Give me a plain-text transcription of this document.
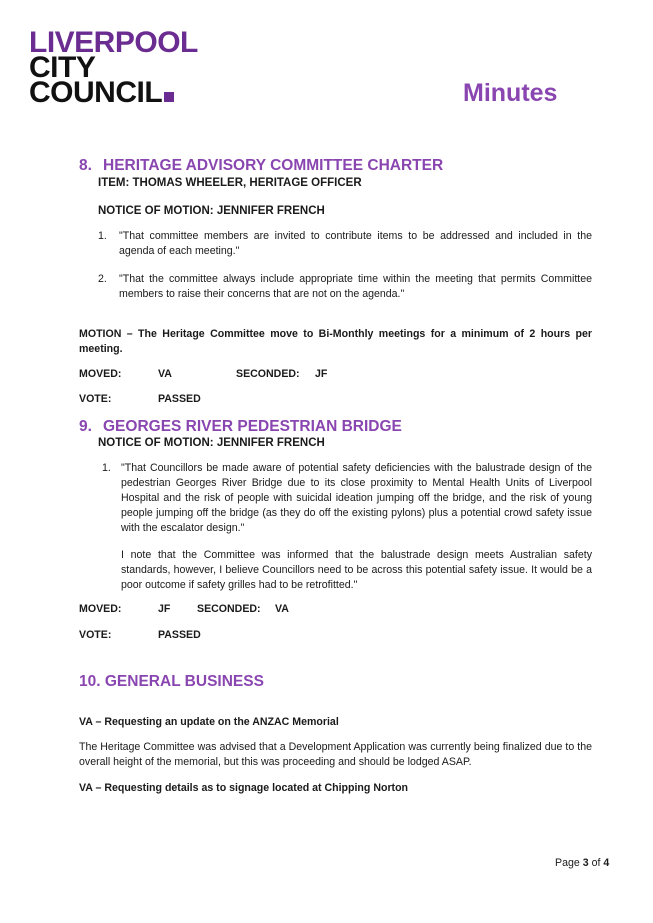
LIVERPOOL
CITY
COUNCIL	Minutes
8. HERITAGE ADVISORY COMMITTEE CHARTER
ITEM: THOMAS WHEELER, HERITAGE OFFICER
NOTICE OF MOTION: JENNIFER FRENCH
1. "That committee members are invited to contribute items to be addressed and included in the agenda of each meeting."
2. "That the committee always include appropriate time within the meeting that permits Committee members to raise their concerns that are not on the agenda."
MOTION – The Heritage Committee move to Bi-Monthly meetings for a minimum of 2 hours per meeting.
MOVED:	VA	SECONDED: JF
VOTE:	PASSED
9. GEORGES RIVER PEDESTRIAN BRIDGE
NOTICE OF MOTION: JENNIFER FRENCH
1. "That Councillors be made aware of potential safety deficiencies with the balustrade design of the pedestrian Georges River Bridge due to its close proximity to Mental Health Units of Liverpool Hospital and the risk of people with suicidal ideation jumping off the bridge, and the risk of young people jumping off the bridge (as they do off the existing pylons) plus a potential crowd safety issue with the escalator design."
I note that the Committee was informed that the balustrade design meets Australian safety standards, however, I believe Councillors need to be across this potential safety issue. It would be a poor outcome if safety grilles had to be retrofitted."
MOVED:	JF	SECONDED: VA
VOTE:	PASSED
10. GENERAL BUSINESS
VA – Requesting an update on the ANZAC Memorial
The Heritage Committee was advised that a Development Application was currently being finalized due to the overall height of the memorial, but this was proceeding and should be lodged ASAP.
VA – Requesting details as to signage located at Chipping Norton
Page 3 of 4
